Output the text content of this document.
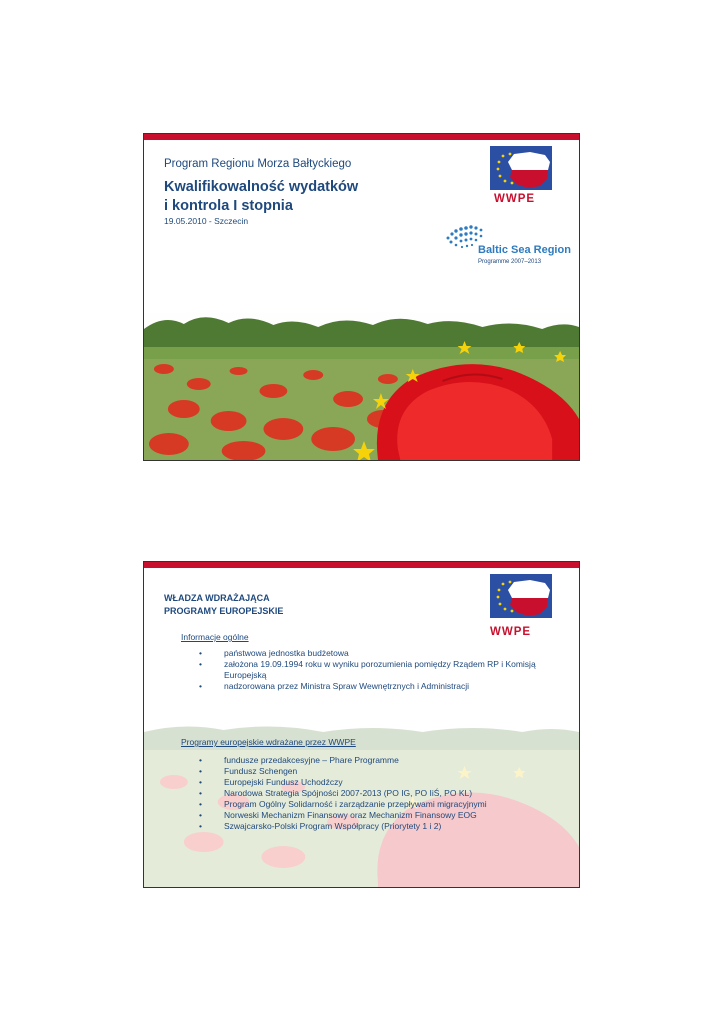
Program Regionu Morza Bałtyckiego
Kwalifikowalność wydatków
i kontrola I stopnia
19.05.2010 - Szczecin
WWPE
Baltic Sea Region
Programme 2007–2013
WWPE
WŁADZA WDRAŻAJĄCA
PROGRAMY EUROPEJSKIE
Informacje ogólne
• państwowa jednostka budżetowa
• założona 19.09.1994 roku w wyniku porozumienia pomiędzy Rządem RP i Komisją Europejską
• nadzorowana przez Ministra Spraw Wewnętrznych i Administracji
Programy europejskie wdrażane przez WWPE
• fundusze przedakcesyjne – Phare Programme
• Fundusz Schengen
• Europejski Fundusz Uchodźczy
• Narodowa Strategia Spójności 2007-2013 (PO IG, PO IiŚ, PO KL)
• Program Ogólny Solidarność i zarządzanie przepływami migracyjnymi
• Norweski Mechanizm Finansowy oraz Mechanizm Finansowy EOG
• Szwajcarsko-Polski Program Współpracy (Priorytety 1 i 2)
